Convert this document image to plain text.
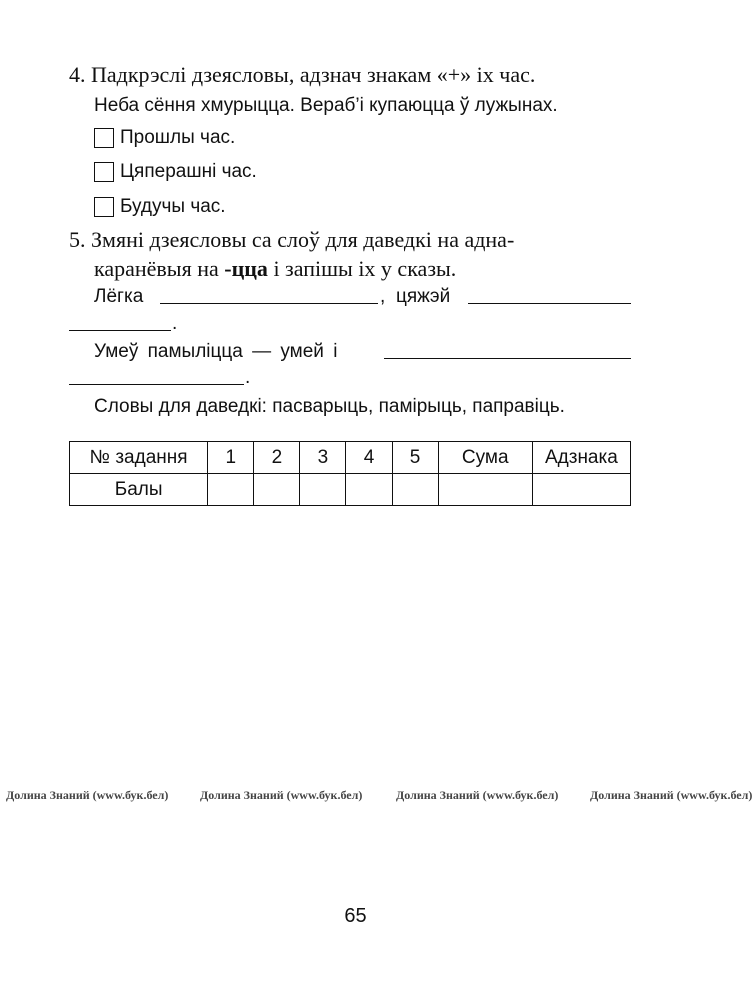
4. Падкрэслі дзеясловы, адзнач знакам «+» іх час.
Неба сёння хмурыцца. Вераб’і купаюцца ў лужынах.
Прошлы час.
Цяперашні час.
Будучы час.
5. Змяні дзеясловы са слоў для даведкі на адна-
каранёвыя на -цца і запішы іх у сказы.
Лёгка	, цяжэй
.
Умеў памыліцца — умей і
.
Словы для даведкі: пасварыць, памірыць, паправіць.
№ задання	1	2	3	4	5	Сума	Адзнака
Балы							
Долина Знаний (www.бук.бел)	Долина Знаний (www.бук.бел)	Долина Знаний (www.бук.бел)	Долина Знаний (www.бук.бел)
65
